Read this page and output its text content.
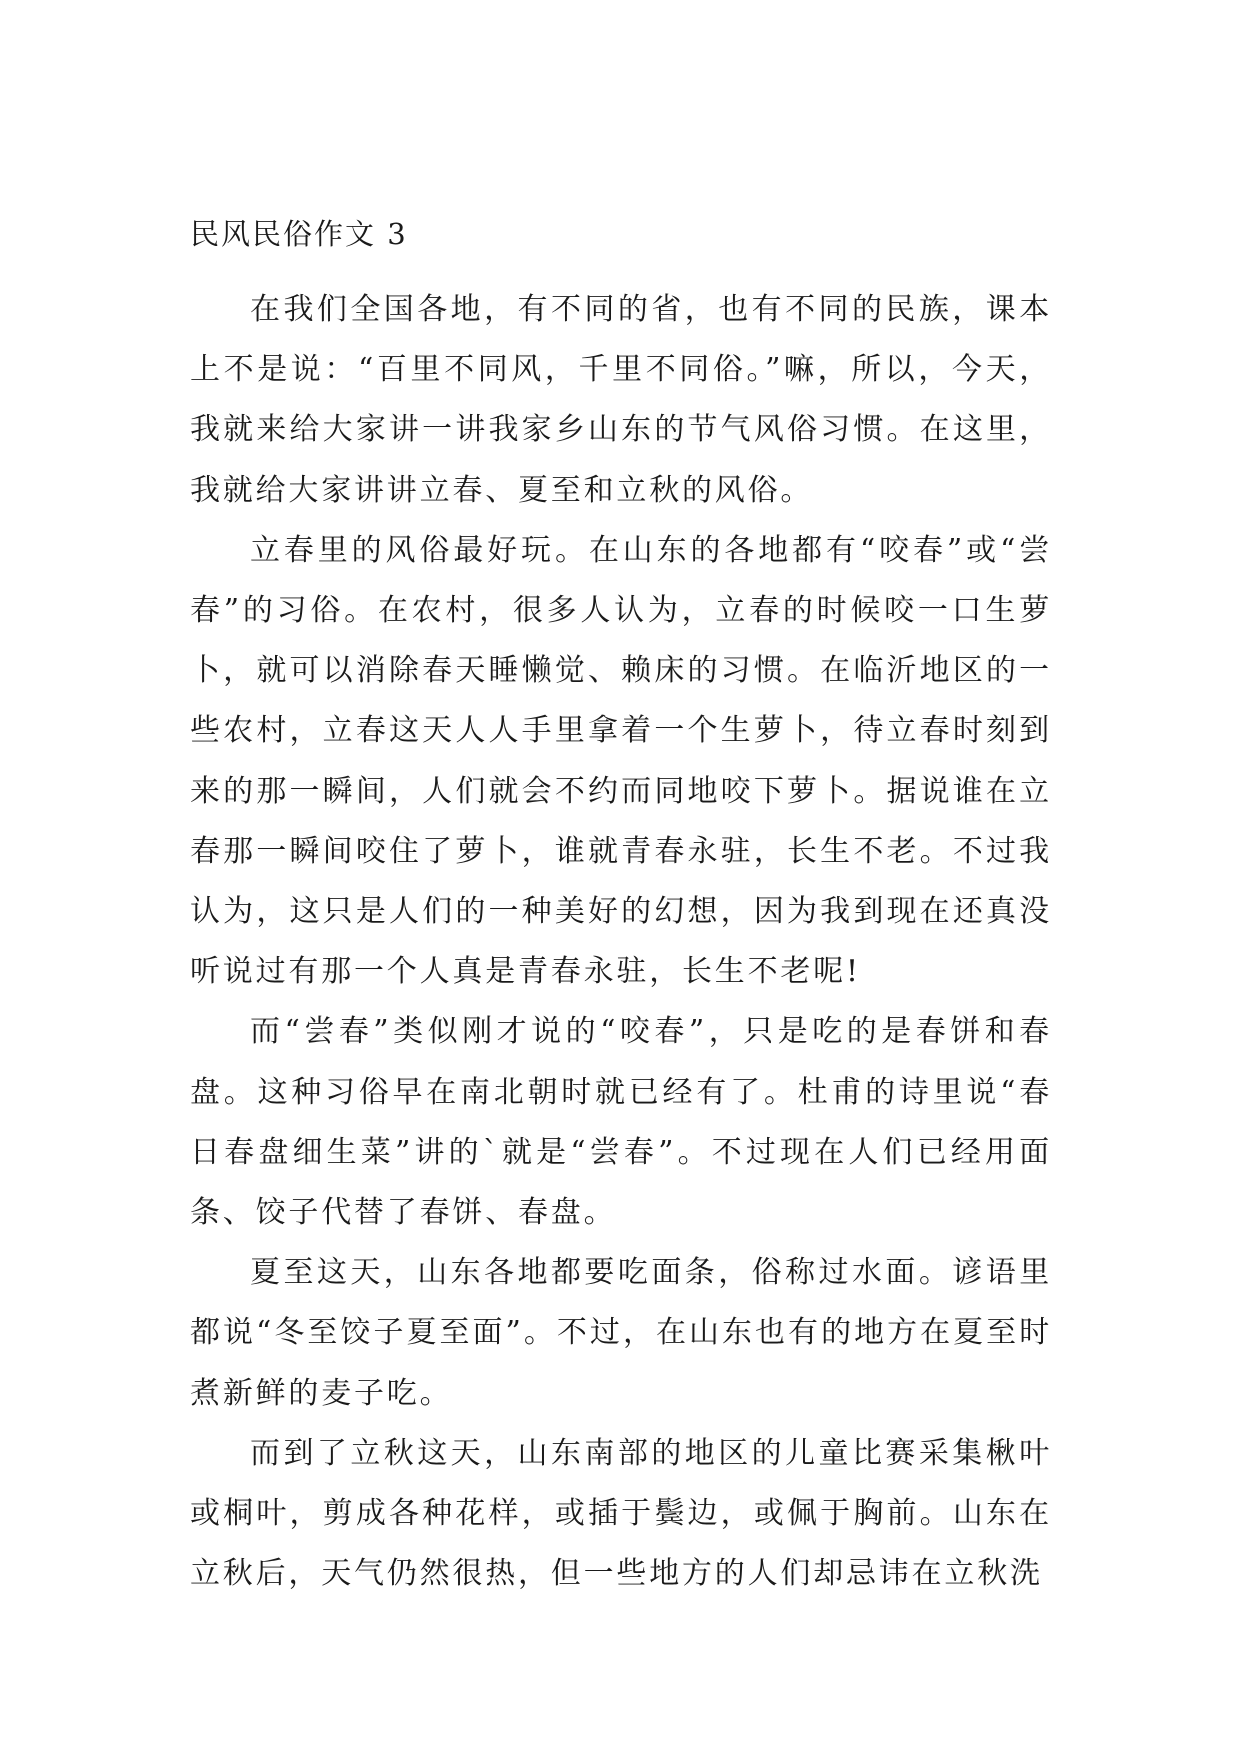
民风民俗作文 3

在我们全国各地，有不同的省，也有不同的民族，课本上不是说：“百里不同风，千里不同俗。”嘛，所以，今天，我就来给大家讲一讲我家乡山东的节气风俗习惯。在这里，我就给大家讲讲立春、夏至和立秋的风俗。

立春里的风俗最好玩。在山东的各地都有“咬春”或“尝春”的习俗。在农村，很多人认为，立春的时候咬一口生萝卜，就可以消除春天睡懒觉、赖床的习惯。在临沂地区的一些农村，立春这天人人手里拿着一个生萝卜，待立春时刻到来的那一瞬间，人们就会不约而同地咬下萝卜。据说谁在立春那一瞬间咬住了萝卜，谁就青春永驻，长生不老。不过我认为，这只是人们的一种美好的幻想，因为我到现在还真没听说过有那一个人真是青春永驻，长生不老呢!

而“尝春”类似刚才说的“咬春”，只是吃的是春饼和春盘。这种习俗早在南北朝时就已经有了。杜甫的诗里说“春日春盘细生菜”讲的`就是“尝春”。不过现在人们已经用面条、饺子代替了春饼、春盘。

夏至这天，山东各地都要吃面条，俗称过水面。谚语里都说“冬至饺子夏至面”。不过，在山东也有的地方在夏至时煮新鲜的麦子吃。

而到了立秋这天，山东南部的地区的儿童比赛采集楸叶或桐叶，剪成各种花样，或插于鬓边，或佩于胸前。山东在立秋后，天气仍然很热，但一些地方的人们却忌讳在立秋洗
